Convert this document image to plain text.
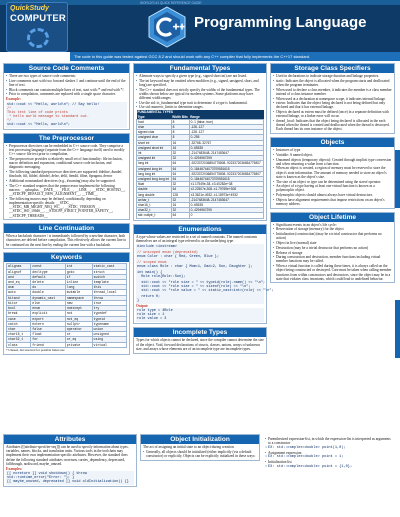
WORLD'S #1 QUICK REFERENCE GUIDE
QuickStudy
COMPUTER	Programming Language
The code in this guide was tested against GCC 8.2 and should work with any C++ compiler that fully implements the C++17 standard.
Source Code Comments
• There are two types of source code comments:
• Line comments start with two forward slashes // and continue until the end of the line of text.
• Block comments can contain multiple lines of text, start with /* and end with */.
• Prior to compilation, comments are replaced with a single space character.

Example:

std::cout << "Hello, world\n"; // Say hello!
/*
This text line of code prints
* hello world message to standard out.
*/
std::cout << "Hello, world\n";
The Preprocessor
• Preprocessor directives can be embedded in C++ source code. They comprise a text processing language (separate from the C++ language itself) used to modify C++ source file text prior to compilation.
• The preprocessor provides a relatively small set of functionality: file inclusion, macro definition and expansion, conditional source code inclusion, and diagnostic messaging.
• The following standard preprocessor directives are supported: #define, #undef, #include, #if, #ifdef, #ifndef, #else, #elif, #endif, #line, #pragma, #error
• Additional nonstandard directives (e.g., #warning) may also be supported.
• The C++ standard requires that the preprocessor implement the following macros: __cplusplus, __DATE__, __FILE__, __LINE__, __STDC_HOSTED__, __STDCPP_DEFAULT_NEW_ALIGNMENT__, __TIME__
• The following macros may be defined, conditionally, depending on implementation-specific details: __STDC__, __STDC_MB_MIGHT_NEQ_WC__, __STDC_VERSION__, __STDC_ISO_10646__, __STDCPP_STRICT_POINTER_SAFETY__, __STDCPP_THREADS__
Line Continuation

When a backslash character \ is immediately followed by a newline character, both characters are deleted before compilation. This effectively allows the current line to be continued on the next line by ending the current line with a backslash.

Keywords
alignas	const	int	static_cast
alignof	decltype	goto	struct
and	default	if	switch
and_eq	delete	inline	template
asm	do	long	this
auto	double	mutable	thread_local
bitand	dynamic_cast	namespace	throw
bitor	else	new	true
bool	enum	noexcept	try
break	explicit	not	typedef
case	export	not_eq	typeid
catch	extern	nullptr	typename
char	false	operator	union
char16_t	float	or	unsigned
char32_t	for	or_eq	using
class	friend	private	virtual

* Unused, but reserved for possible future use

Fundamental Types
• Alternate ways to specify a given type (e.g., signed short int) are not listed.
• The int keyword may be omitted when modifiers (e.g., signed, unsigned, short, and long) are specified.
• The C++ standard does not strictly specify the widths of the fundamental types. The widths shown below are typical for modern systems. Some platforms may have different width ranges.
• Use the std::is_fundamental type trait to determine if a type is fundamental.
• Use std::numeric_limits to determine ranges.
FUNDAMENTAL TYPES		
Type	Width Bits	Range
bool	8	0..1 (false, true)
char	8	-128..127
signed char	8	-128..127
unsigned char	8	0..255
short int	16	-32768..32767
unsigned short int	16	0..65535
int	32	-2147483648..2147483647
unsigned int	32	0..4294967295
long int	64	-9223372036854775808..9223372036854775807
unsigned long int	64	0..18446744073709551615
long long int	64	-9223372036854775808..9223372036854775807
unsigned long long int	64	0..18446744073709551615
float	32	±1.17549e-38..±3.40282e+38
double	64	±2.22507e-308..±1.79769e+308
long double	128	±3.3621e-4932..±1.18973e+4932
wchar_t	32	-2147483648..2147483647
char16_t	16	0..65535
char32_t	32	0..4294967295
std::nullptr_t	64	0
Enumerations

A type whose values are restricted to a set of named constants. The named constants themselves are of an integral type referred to as the underlying type.

#include <iostream>
// unscoped enum (deprecated)
enum Color : char { Red, Green, Blue };
// scoped enum
enum class Role : char { Mom=1, Dad=2, Son, Daughter };
int main() {
Role role{Role::Son};
std::cout << "role size = " << typeid(role).name() << "\n";
std::cout << "role size = " << sizeof(role) << "\n";
std::cout << "role value = " << static_cast<int>(role) << "\n";
return 0;
}

Output:

role type = 4Role
role size = 1
role value = 3
Incomplete Types

Types for which objects cannot be declared, since the compiler cannot determine the size of the object. Void, forward declarations of structs, classes, unions, arrays of unknown size, and arrays whose elements are of an incomplete type are incomplete types.

Storage Class Specifiers
• Used in declarations to indicate storage duration and linkage properties.
• static: Indicates the object is allocated when the program starts and deallocated when the program terminates.
• When used to declare a class member, it indicates the member is a class member instead of a class instance member.
• When used at a declaration at namespace scope, it indicates internal linkage.
• extern: Indicates that the object being declared is not being defined but only declared and that it has external linkage.
• Objects declared as extern must be defined (once) in a separate definition with external linkage, or a linker error will occur.
• thread_local: Indicates that the object being declared is allocated in the each thread when the thread is created and deallocated when the thread is destroyed. Each thread has its own instance of the object.
Objects
• Instances of type
• Variable: A named object.
• Unnamed objects (temporary objects): Created through implicit type conversion and when returning a value from a function.
• When an object is created, a region of memory must be reserved to store the object's state information. The amount of memory needed to store an object's state is known as the object's size.
• The size of an object or type can be determined using the sizeof operator.
• An object of a type having at least one virtual function is known as a polymorphic object.
• Polymorphic objects should almost always have virtual destructors.
• Objects have alignment requirements that impose restrictions on an object's memory address.
Object Lifetime
• Significant events in an object's life cycle:
• Reservation of storage (memory) for the object
• Initialization (construction) (may be a trivial constructor that performs no action)
• Object in live (normal) state
• Destruction (may be a trivial destructor that performs no action)
• Release of storage
• During construction and destruction, member functions including virtual member functions may be called.
• When a virtual function is called during these times, it is always called on the object being constructed or destroyed. Care must be taken when calling member functions from within constructors and destructors, since the object may be in a state that violates class invariants, which could lead to undefined behavior.
Attributes

Attributes ([[attribute-specifier-seq]]) can be used to specify information about types, variables, names, blocks, and translation units. Various tools in the toolchain may implement their own implementation-specific attributes. However, the standard does define the following standard attributes: noreturn, carries_dependency, deprecated, fallthrough, nodiscard, maybe_unused.

Examples:

[[ noreturn ]] void shutdown() { throw std::runtime_error("Error: "); }
[[ maybe_unused, deprecated ]] void oldInitialization() {}
Object Initialization

The act of assigning an initial state to an object during creation.

• Generally, all objects should be initialized (either implicitly (via a default constructor) or explicitly. Objects can be explicitly initialized in these ways:
• Parenthesized expression-list, in which the expression-list is interpreted as arguments to a constructor
• EX: std::complex<double> point(1,0);
• Assignment expression
• EX: std::complex<double> point = 1;
• Initialization list
• EX: std::complex<double> point = {1,0};
